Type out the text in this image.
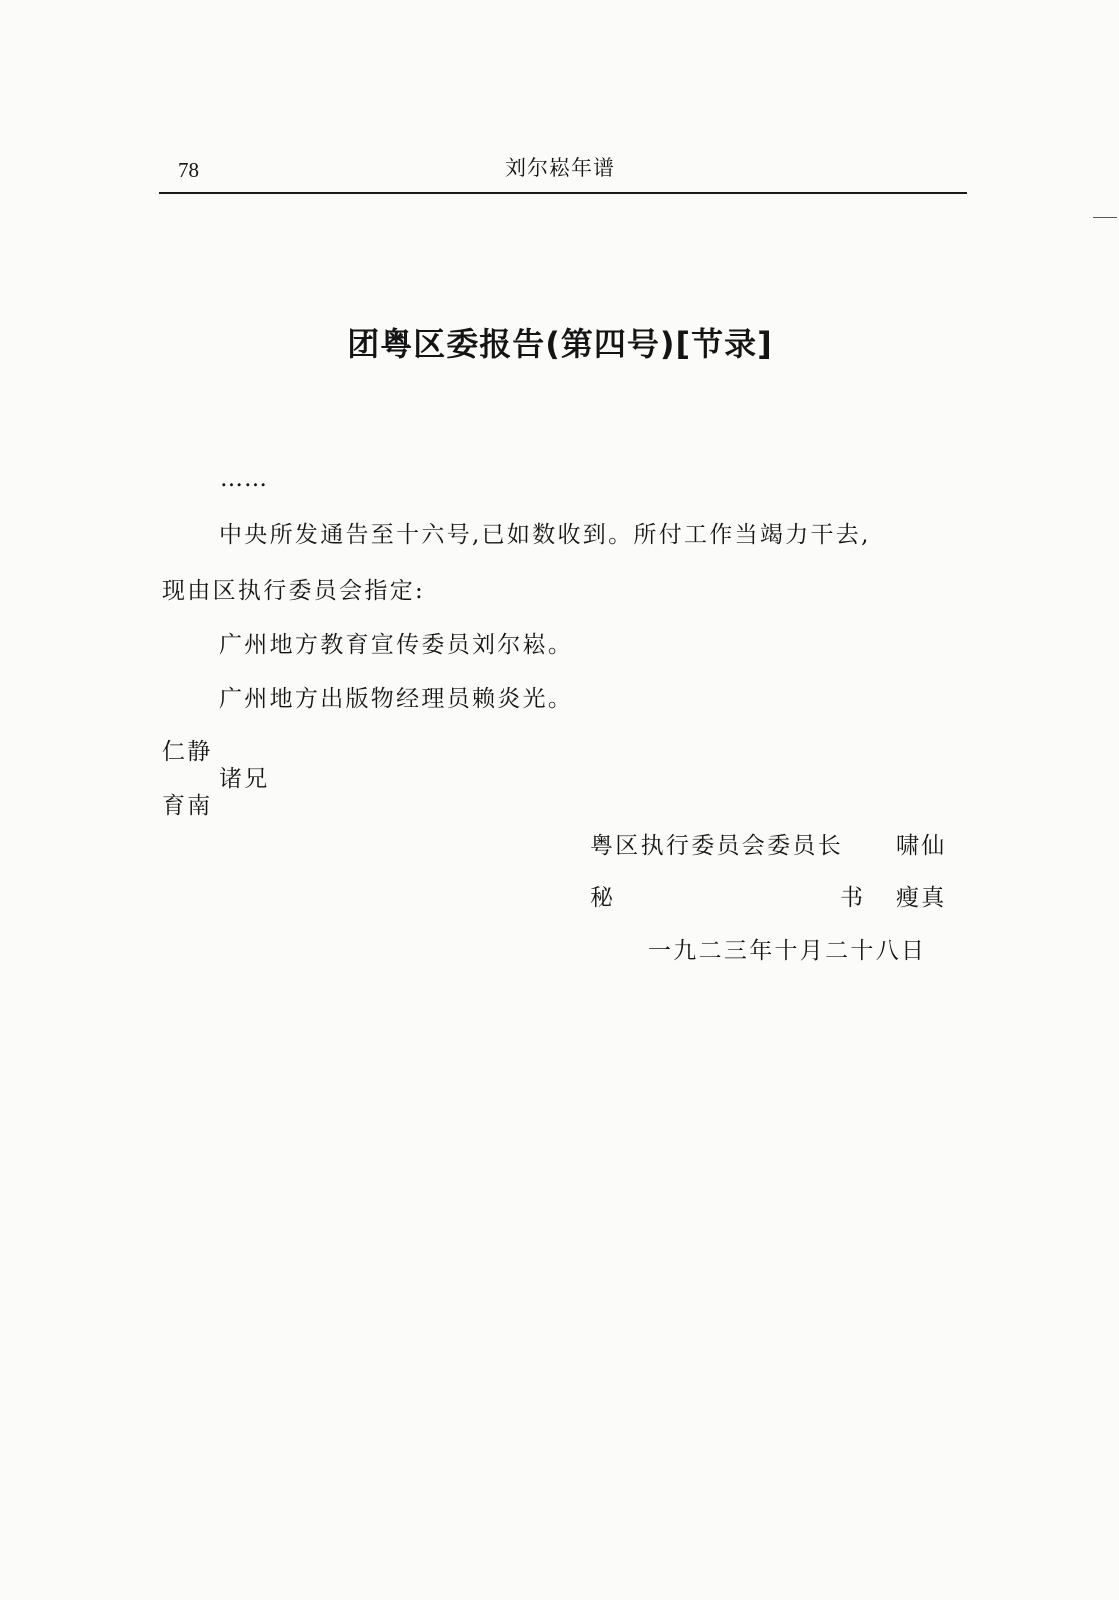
78	刘尔崧年谱
团粤区委报告(第四号)[节录]
……
中央所发通告至十六号,已如数收到。所付工作当竭力干去,
现由区执行委员会指定:
广州地方教育宣传委员刘尔崧。
广州地方出版物经理员赖炎光。
仁静
诸兄
育南
粤区执行委员会委员长 啸仙
秘	书 瘦真
一九二三年十月二十八日
